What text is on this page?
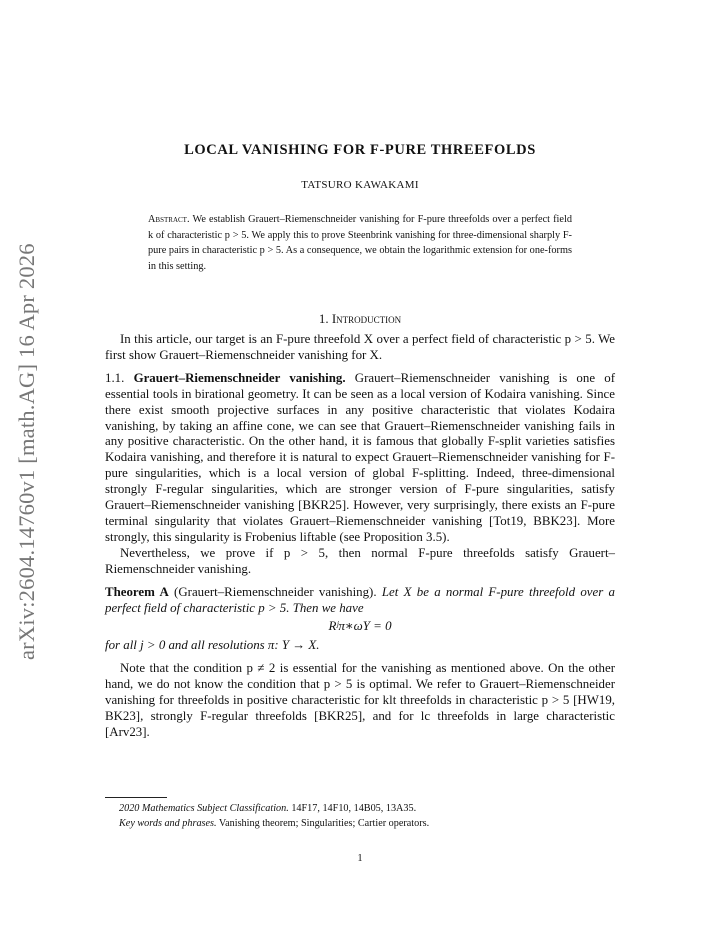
arXiv:2604.14760v1 [math.AG] 16 Apr 2026
LOCAL VANISHING FOR F-PURE THREEFOLDS
TATSURO KAWAKAMI
Abstract. We establish Grauert–Riemenschneider vanishing for F-pure threefolds over a perfect field k of characteristic p > 5. We apply this to prove Steenbrink vanishing for three-dimensional sharply F-pure pairs in characteristic p > 5. As a consequence, we obtain the logarithmic extension for one-forms in this setting.
1. Introduction

In this article, our target is an F-pure threefold X over a perfect field of characteristic p > 5. We first show Grauert–Riemenschneider vanishing for X.

1.1. Grauert–Riemenschneider vanishing. Grauert–Riemenschneider vanishing is one of essential tools in birational geometry. It can be seen as a local version of Kodaira vanishing. Since there exist smooth projective surfaces in any positive characteristic that violates Kodaira vanishing, by taking an affine cone, we can see that Grauert–Riemenschneider vanishing fails in any positive characteristic. On the other hand, it is famous that globally F-split varieties satisfies Kodaira vanishing, and therefore it is natural to expect Grauert–Riemenschneider vanishing for F-pure singularities, which is a local version of global F-splitting. Indeed, three-dimensional strongly F-regular singularities, which are stronger version of F-pure singularities, satisfy Grauert–Riemenschneider vanishing [BKR25]. However, very surprisingly, there exists an F-pure terminal singularity that violates Grauert–Riemenschneider vanishing [Tot19, BBK23]. More strongly, this singularity is Frobenius liftable (see Proposition 3.5).

Nevertheless, we prove if p > 5, then normal F-pure threefolds satisfy Grauert–Riemenschneider vanishing.

Theorem A (Grauert–Riemenschneider vanishing). Let X be a normal F-pure threefold over a perfect field of characteristic p > 5. Then we have

Rʲπ∗ωY = 0

for all j > 0 and all resolutions π: Y → X.

Note that the condition p ≠ 2 is essential for the vanishing as mentioned above. On the other hand, we do not know the condition that p > 5 is optimal. We refer to Grauert–Riemenschneider vanishing for threefolds in positive characteristic for klt threefolds in characteristic p > 5 [HW19, BK23], strongly F-regular threefolds [BKR25], and for lc threefolds in large characteristic [Arv23].

2020 Mathematics Subject Classification. 14F17, 14F10, 14B05, 13A35.

Key words and phrases. Vanishing theorem; Singularities; Cartier operators.

1
